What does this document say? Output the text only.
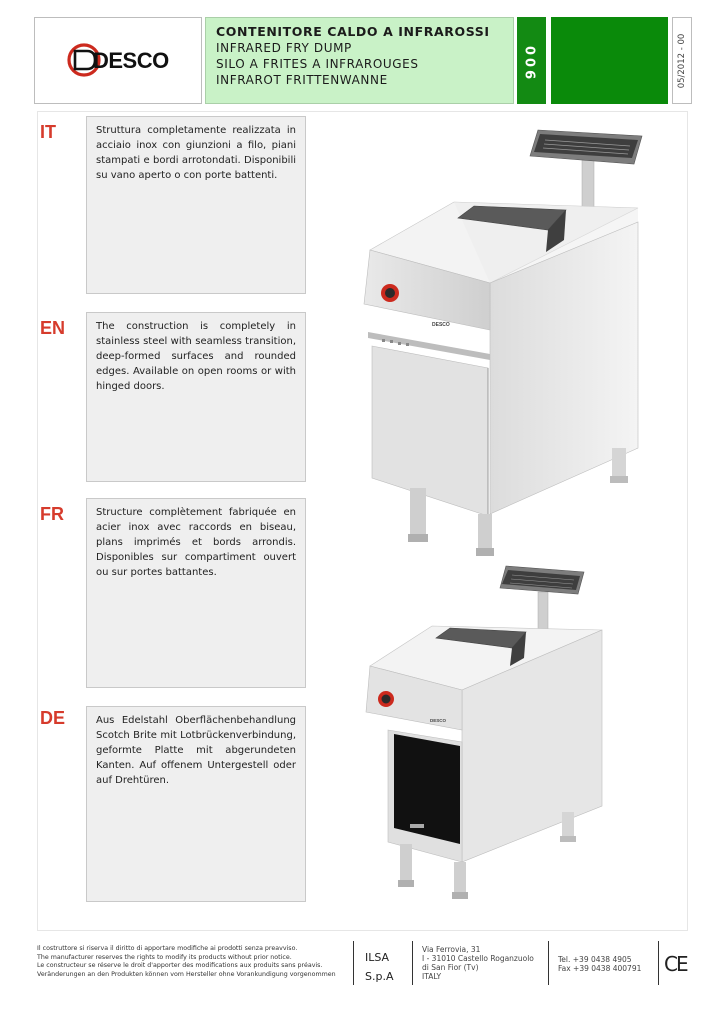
DESCO
CONTENITORE CALDO A INFRAROSSI
INFRARED FRY DUMP
SILO A FRITES A INFRAROUGES
INFRAROT FRITTENWANNE
900	05/2012 - 00
IT	Struttura completamente realizzata in acciaio inox con giunzioni a filo, piani stampati e bordi arrotondati. Disponibili su vano aperto o con porte battenti.

EN	The construction is completely in stainless steel with seamless transition, deep-formed surfaces and rounded edges. Available on open rooms or with hinged doors.

FR	Structure complètement fabriquée en acier inox avec raccords en biseau, plans imprimés et bords arrondis. Disponibles sur compartiment ouvert ou sur portes battantes.

DE	Aus Edelstahl Oberflächenbehandlung Scotch Brite mit Lotbrückenverbindung, geformte Platte mit abgerundeten Kanten. Auf offenem Untergestell oder auf Drehtüren.

DESCO
DESCO
Il costruttore si riserva il diritto di apportare modifiche ai prodotti senza preavviso.
The manufacturer reserves the rights to modify its products without prior notice.
Le constructeur se réserve le droit d'apporter des modifications aux produits sans préavis.
Veränderungen an den Produkten können vom Hersteller ohne Vorankundigung vorgenommen
ILSA
S.p.A
Via Ferrovia, 31
I - 31010 Castello Roganzuolo
di San Fior (Tv)
ITALY
Tel. +39 0438 4905
Fax +39 0438 400791 CE
